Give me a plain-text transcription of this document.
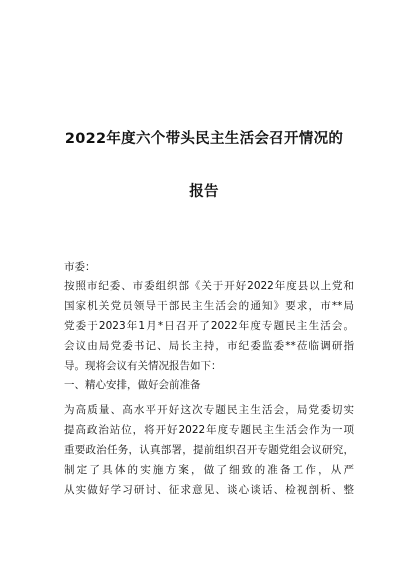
2022年度六个带头民主生活会召开情况的
报告
市委：
按照市纪委、市委组织部《关于开好2022年度县以上党和
国家机关党员领导干部民主生活会的通知》要求，市**局
党委于2023年1月*日召开了2022年度专题民主生活会。
会议由局党委书记、局长主持，市纪委监委**莅临调研指
导。现将会议有关情况报告如下：
一、精心安排，做好会前准备
为高质量、高水平开好这次专题民主生活会，局党委切实
提高政治站位，将开好2022年度专题民主生活会作为一项
重要政治任务，认真部署，提前组织召开专题党组会议研究，
制定了具体的实施方案，做了细致的准备工作，从严
从实做好学习研讨、征求意见、谈心谈话、检视剖析、整
